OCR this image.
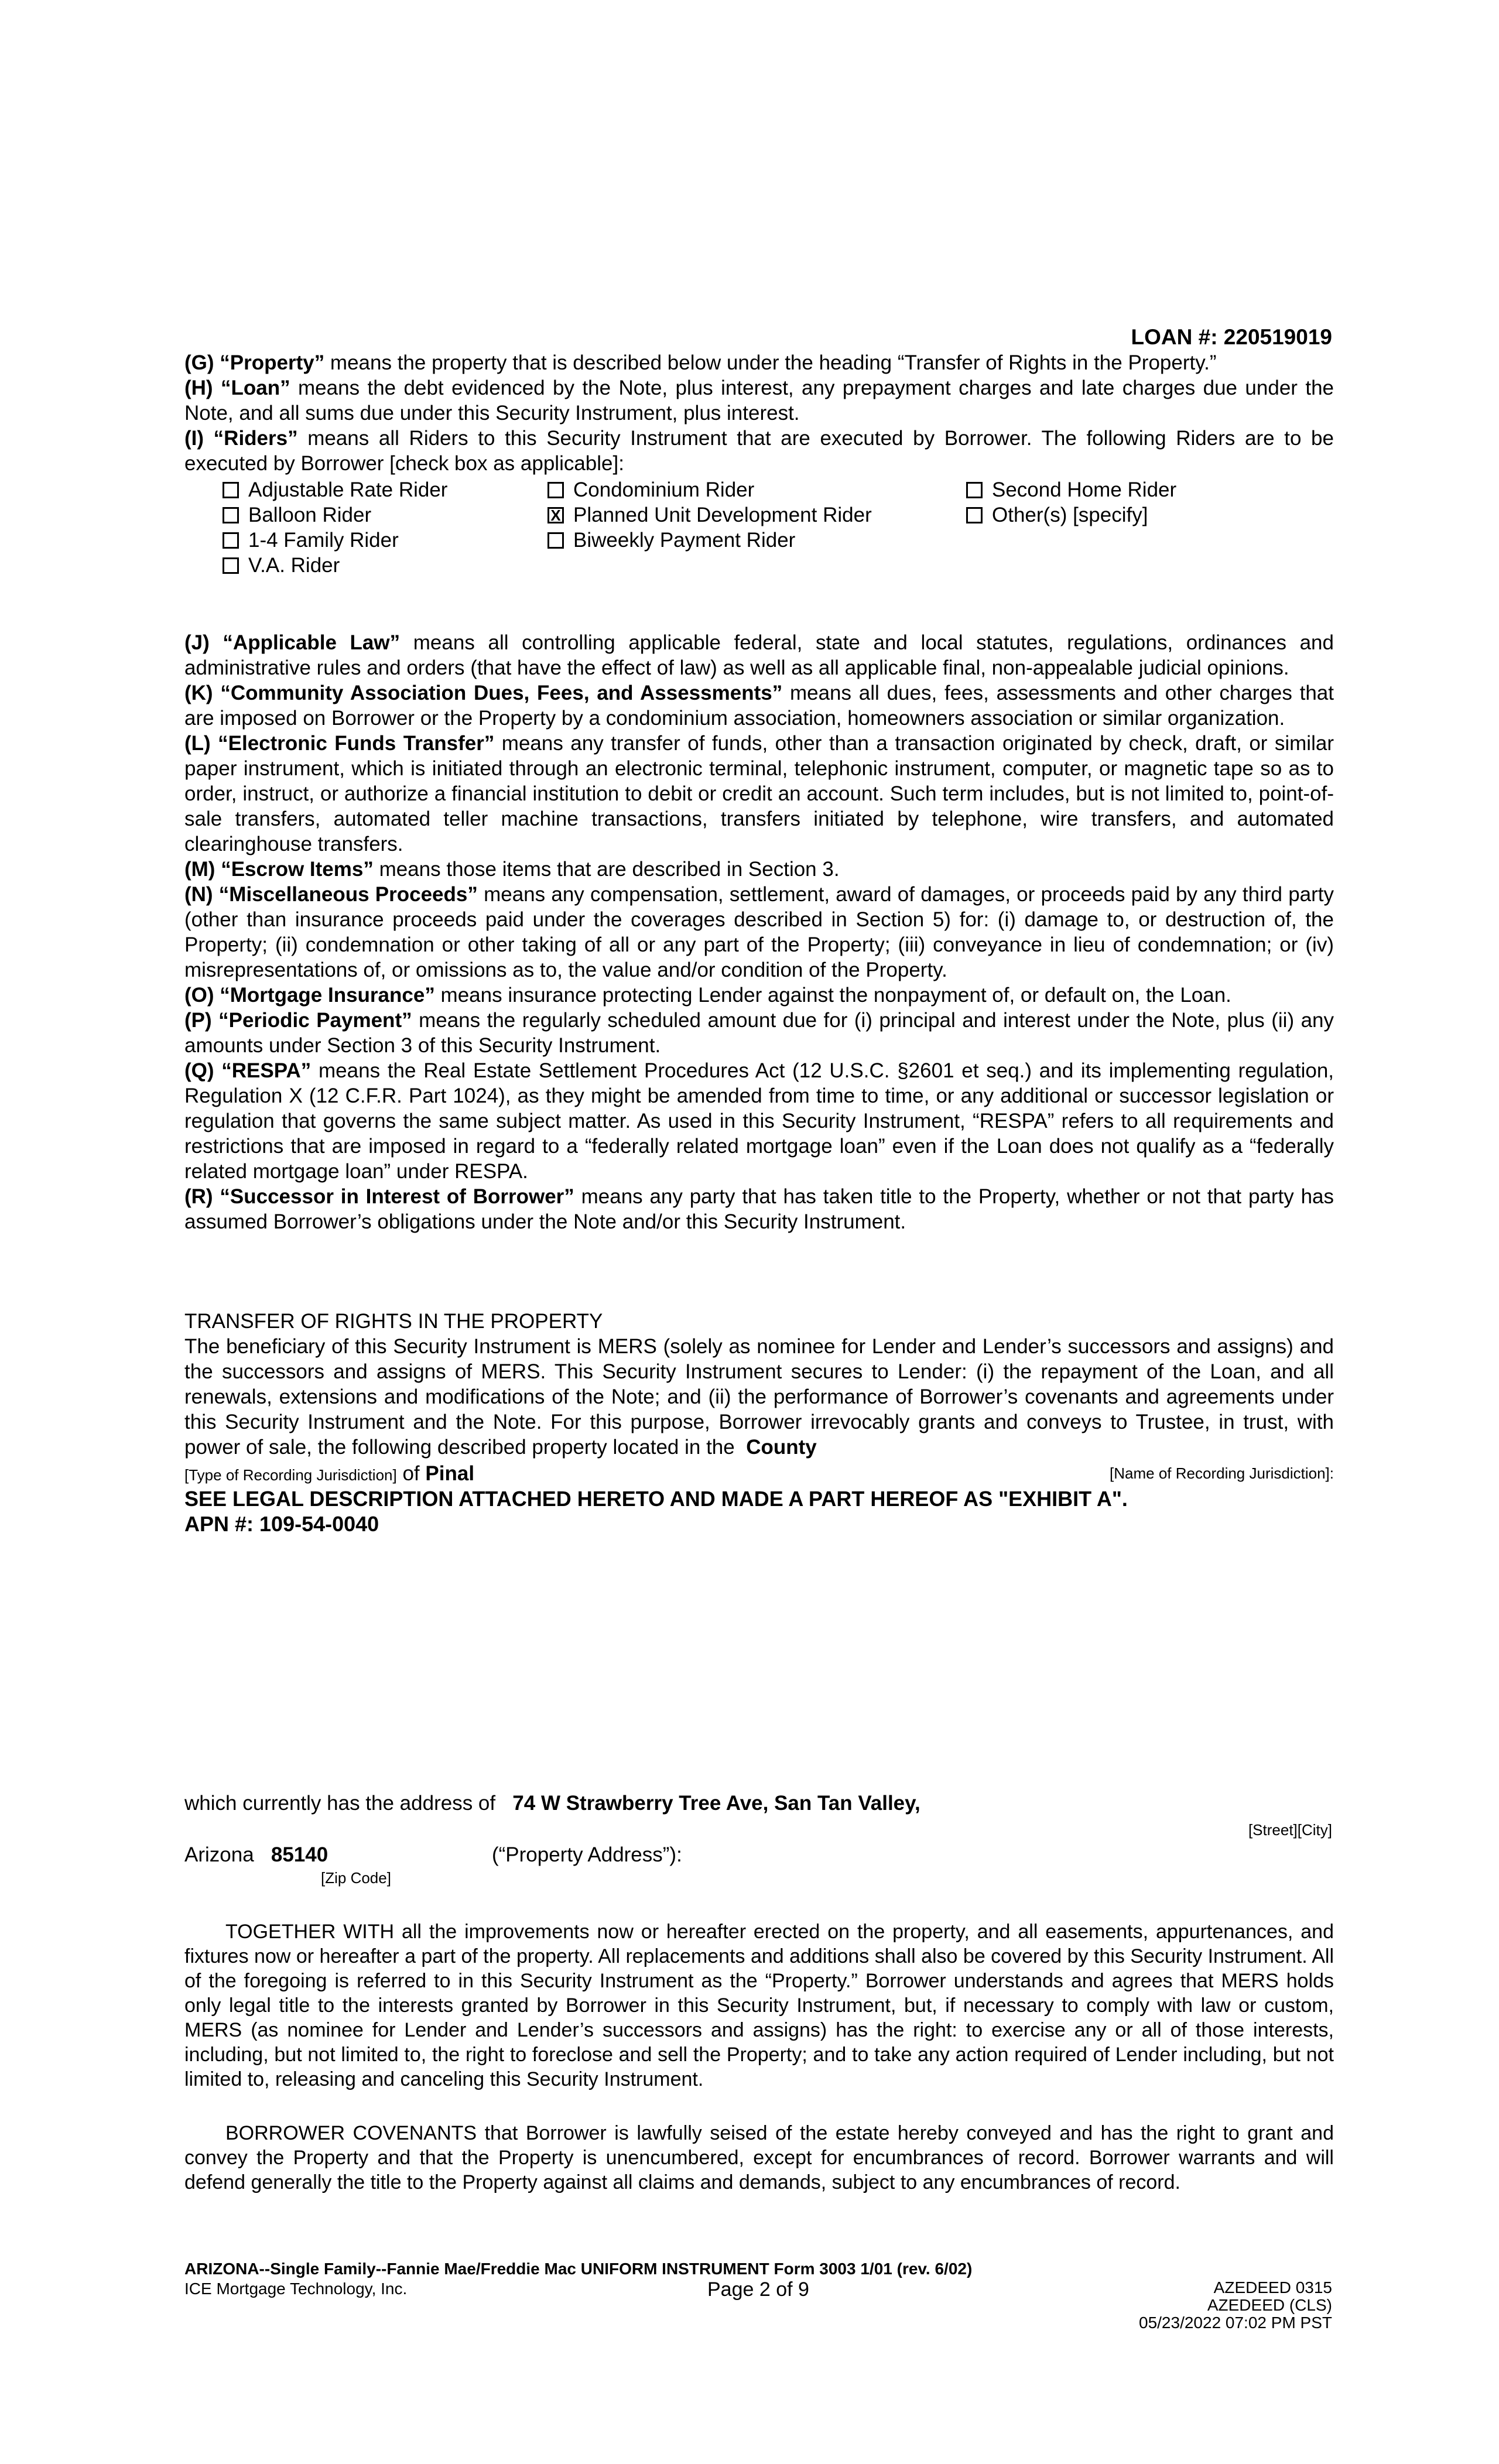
LOAN #: 220519019

(G) “Property” means the property that is described below under the heading “Transfer of Rights in the Property.”

(H) “Loan” means the debt evidenced by the Note, plus interest, any prepayment charges and late charges due under the Note, and all sums due under this Security Instrument, plus interest.

(I) “Riders” means all Riders to this Security Instrument that are executed by Borrower. The following Riders are to be executed by Borrower [check box as applicable]:

Adjustable Rate Rider
Balloon Rider
1-4 Family Rider
V.A. Rider
Condominium Rider
X Planned Unit Development Rider
Biweekly Payment Rider
Second Home Rider
Other(s) [specify]

(J) “Applicable Law” means all controlling applicable federal, state and local statutes, regulations, ordinances and administrative rules and orders (that have the effect of law) as well as all applicable final, non-appealable judicial opinions.

(K) “Community Association Dues, Fees, and Assessments” means all dues, fees, assessments and other charges that are imposed on Borrower or the Property by a condominium association, homeowners association or similar organization.

(L) “Electronic Funds Transfer” means any transfer of funds, other than a transaction originated by check, draft, or similar paper instrument, which is initiated through an electronic terminal, telephonic instrument, computer, or magnetic tape so as to order, instruct, or authorize a financial institution to debit or credit an account. Such term includes, but is not limited to, point-of-sale transfers, automated teller machine transactions, transfers initiated by telephone, wire transfers, and automated clearinghouse transfers.

(M) “Escrow Items” means those items that are described in Section 3.

(N) “Miscellaneous Proceeds” means any compensation, settlement, award of damages, or proceeds paid by any third party (other than insurance proceeds paid under the coverages described in Section 5) for: (i) damage to, or destruction of, the Property; (ii) condemnation or other taking of all or any part of the Property; (iii) conveyance in lieu of condemnation; or (iv) misrepresentations of, or omissions as to, the value and/or condition of the Property.

(O) “Mortgage Insurance” means insurance protecting Lender against the nonpayment of, or default on, the Loan.

(P) “Periodic Payment” means the regularly scheduled amount due for (i) principal and interest under the Note, plus (ii) any amounts under Section 3 of this Security Instrument.

(Q) “RESPA” means the Real Estate Settlement Procedures Act (12 U.S.C. §2601 et seq.) and its implementing regulation, Regulation X (12 C.F.R. Part 1024), as they might be amended from time to time, or any additional or successor legislation or regulation that governs the same subject matter. As used in this Security Instrument, “RESPA” refers to all requirements and restrictions that are imposed in regard to a “federally related mortgage loan” even if the Loan does not qualify as a “federally related mortgage loan” under RESPA.

(R) “Successor in Interest of Borrower” means any party that has taken title to the Property, whether or not that party has assumed Borrower’s obligations under the Note and/or this Security Instrument.

TRANSFER OF RIGHTS IN THE PROPERTY

The beneficiary of this Security Instrument is MERS (solely as nominee for Lender and Lender’s successors and assigns) and the successors and assigns of MERS. This Security Instrument secures to Lender: (i) the repayment of the Loan, and all renewals, extensions and modifications of the Note; and (ii) the performance of Borrower’s covenants and agreements under this Security Instrument and the Note. For this purpose, Borrower irrevocably grants and conveys to Trustee, in trust, with power of sale, the following described property located in the County

[Type of Recording Jurisdiction] of Pinal	[Name of Recording Jurisdiction]:
SEE LEGAL DESCRIPTION ATTACHED HERETO AND MADE A PART HEREOF AS "EXHIBIT A".
APN #: 109-54-0040
which currently has the address of 74 W Strawberry Tree Ave, San Tan Valley,
[Street][City]
Arizona 85140	(“Property Address”):
[Zip Code]
TOGETHER WITH all the improvements now or hereafter erected on the property, and all easements, appurtenances, and fixtures now or hereafter a part of the property. All replacements and additions shall also be covered by this Security Instrument. All of the foregoing is referred to in this Security Instrument as the “Property.” Borrower understands and agrees that MERS holds only legal title to the interests granted by Borrower in this Security Instrument, but, if necessary to comply with law or custom, MERS (as nominee for Lender and Lender’s successors and assigns) has the right: to exercise any or all of those interests, including, but not limited to, the right to foreclose and sell the Property; and to take any action required of Lender including, but not limited to, releasing and canceling this Security Instrument.
BORROWER COVENANTS that Borrower is lawfully seised of the estate hereby conveyed and has the right to grant and convey the Property and that the Property is unencumbered, except for encumbrances of record. Borrower warrants and will defend generally the title to the Property against all claims and demands, subject to any encumbrances of record.
ARIZONA--Single Family--Fannie Mae/Freddie Mac UNIFORM INSTRUMENT Form 3003 1/01 (rev. 6/02)
ICE Mortgage Technology, Inc.	Page 2 of 9	AZEDEED 0315
AZEDEED (CLS)
05/23/2022 07:02 PM PST
